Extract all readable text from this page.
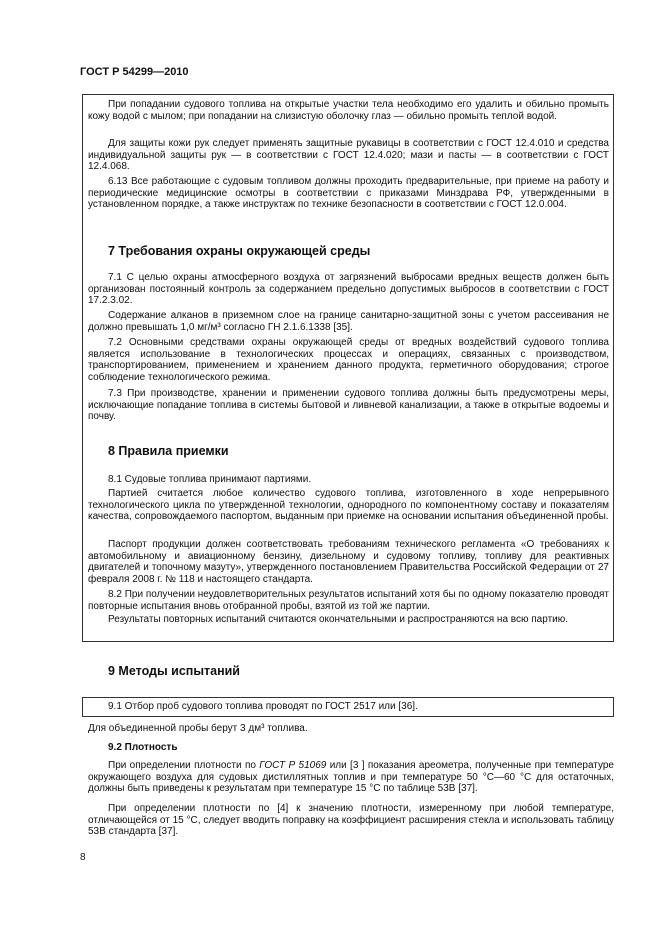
ГОСТ Р 54299—2010

При попадании судового топлива на открытые участки тела необходимо его удалить и обильно промыть кожу водой с мылом; при попадании на слизистую оболочку глаз — обильно промыть теплой водой.

Для защиты кожи рук следует применять защитные рукавицы в соответствии с ГОСТ 12.4.010 и средства индивидуальной защиты рук — в соответствии с ГОСТ 12.4.020; мази и пасты — в соответствии с ГОСТ 12.4.068.

6.13 Все работающие с судовым топливом должны проходить предварительные, при приеме на работу и периодические медицинские осмотры в соответствии с приказами Минздрава РФ, утвержденными в установленном порядке, а также инструктаж по технике безопасности в соответствии с ГОСТ 12.0.004.

7 Требования охраны окружающей среды

7.1 С целью охраны атмосферного воздуха от загрязнений выбросами вредных веществ должен быть организован постоянный контроль за содержанием предельно допустимых выбросов в соответствии с ГОСТ 17.2.3.02.

Содержание алканов в приземном слое на границе санитарно-защитной зоны с учетом рассеивания не должно превышать 1,0 мг/м³ согласно ГН 2.1.6.1338 [35].

7.2 Основными средствами охраны окружающей среды от вредных воздействий судового топлива является использование в технологических процессах и операциях, связанных с производством, транспортированием, применением и хранением данного продукта, герметичного оборудования; строгое соблюдение технологического режима.

7.3 При производстве, хранении и применении судового топлива должны быть предусмотрены меры, исключающие попадание топлива в системы бытовой и ливневой канализации, а также в открытые водоемы и почву.

8 Правила приемки

8.1 Судовые топлива принимают партиями.

Партией считается любое количество судового топлива, изготовленного в ходе непрерывного технологического цикла по утвержденной технологии, однородного по компонентному составу и показателям качества, сопровождаемого паспортом, выданным при приемке на основании испытания объединенной пробы.

Паспорт продукции должен соответствовать требованиям технического регламента «О требованиях к автомобильному и авиационному бензину, дизельному и судовому топливу, топливу для реактивных двигателей и топочному мазуту», утвержденного постановлением Правительства Российской Федерации от 27 февраля 2008 г. № 118 и настоящего стандарта.

8.2 При получении неудовлетворительных результатов испытаний хотя бы по одному показателю проводят повторные испытания вновь отобранной пробы, взятой из той же партии.

Результаты повторных испытаний считаются окончательными и распространяются на всю партию.

9 Методы испытаний

9.1 Отбор проб судового топлива проводят по ГОСТ 2517 или [36].

Для объединенной пробы берут 3 дм³ топлива.

9.2 Плотность

При определении плотности по ГОСТ Р 51069 или [3 ] показания ареометра, полученные при температуре окружающего воздуха для судовых дистиллятных топлив и при температуре 50 °С—60 °С для остаточных, должны быть приведены к результатам при температуре 15 °С по таблице 53В [37].

При определении плотности по [4] к значению плотности, измеренному при любой температуре, отличающейся от 15 °С, следует вводить поправку на коэффициент расширения стекла и использовать таблицу 53В стандарта [37].

8
